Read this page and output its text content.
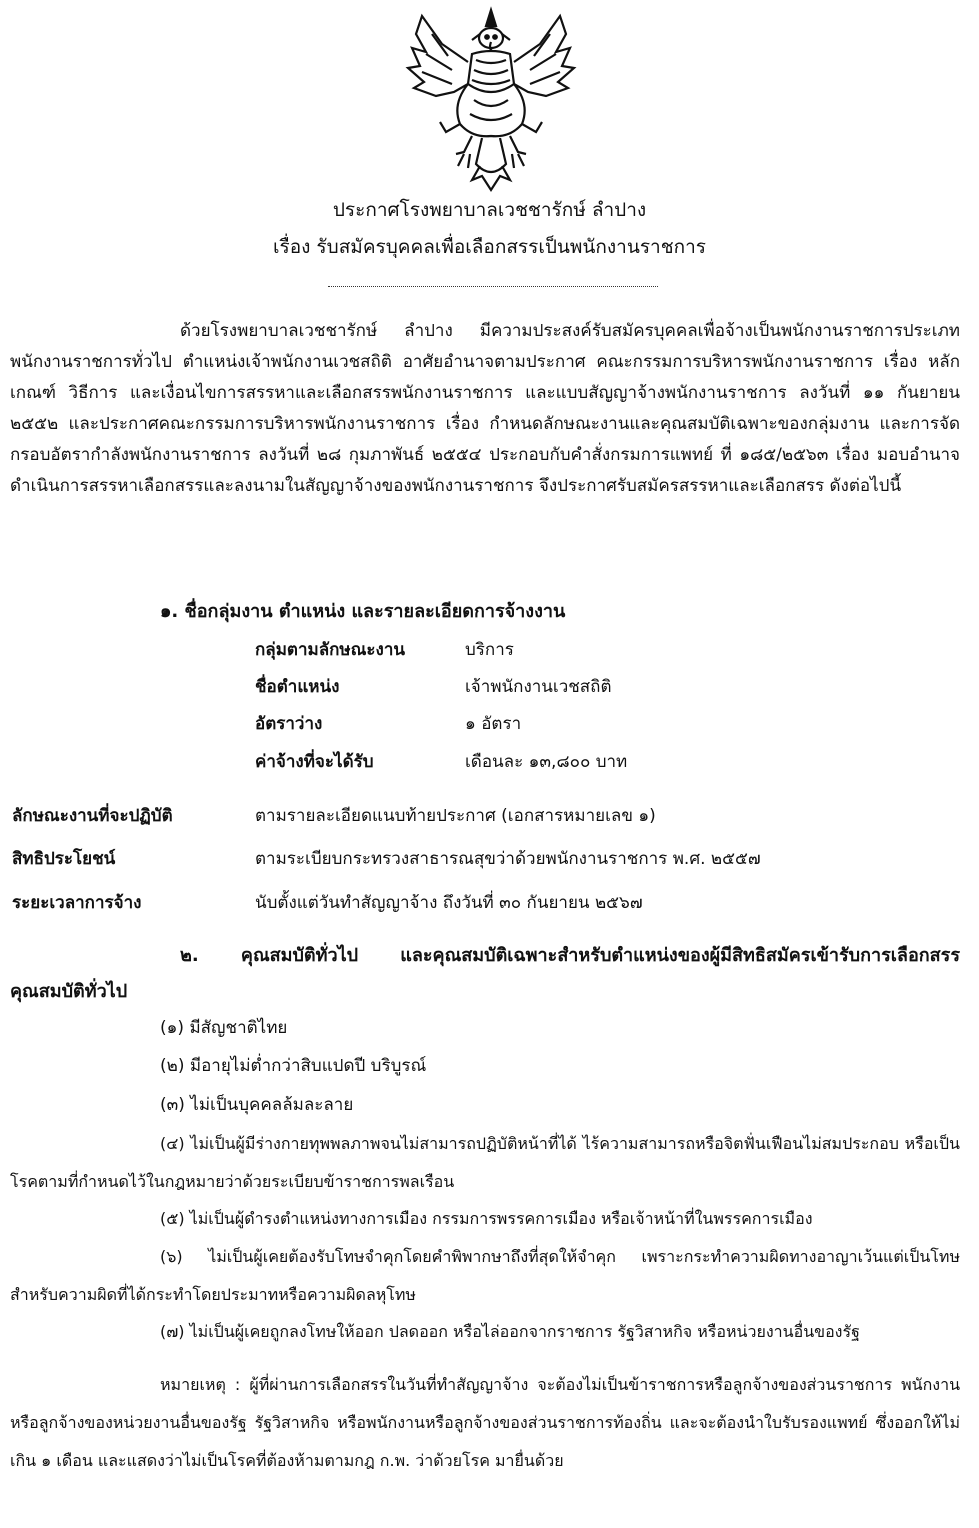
ประกาศโรงพยาบาลเวชชารักษ์ ลำปาง
เรื่อง รับสมัครบุคคลเพื่อเลือกสรรเป็นพนักงานราชการ

ด้วยโรงพยาบาลเวชชารักษ์ ลำปาง มีความประสงค์รับสมัครบุคคลเพื่อจ้างเป็นพนักงานราชการประเภทพนักงานราชการทั่วไป ตำแหน่งเจ้าพนักงานเวชสถิติ อาศัยอำนาจตามประกาศ คณะกรรมการบริหารพนักงานราชการ เรื่อง หลักเกณฑ์ วิธีการ และเงื่อนไขการสรรหาและเลือกสรรพนักงานราชการ และแบบสัญญาจ้างพนักงานราชการ ลงวันที่ ๑๑ กันยายน ๒๕๕๒ และประกาศคณะกรรมการบริหารพนักงานราชการ เรื่อง กำหนดลักษณะงานและคุณสมบัติเฉพาะของกลุ่มงาน และการจัดกรอบอัตรากำลังพนักงานราชการ ลงวันที่ ๒๘ กุมภาพันธ์ ๒๕๕๔ ประกอบกับคำสั่งกรมการแพทย์ ที่ ๑๘๕/๒๕๖๓ เรื่อง มอบอำนาจดำเนินการสรรหาเลือกสรรและลงนามในสัญญาจ้างของพนักงานราชการ จึงประกาศรับสมัครสรรหาและเลือกสรร ดังต่อไปนี้

๑. ชื่อกลุ่มงาน ตำแหน่ง และรายละเอียดการจ้างงาน
กลุ่มตามลักษณะงาน	บริการ
ชื่อตำแหน่ง	เจ้าพนักงานเวชสถิติ
อัตราว่าง	๑ อัตรา
ค่าจ้างที่จะได้รับ	เดือนละ ๑๓,๘๐๐ บาท
ลักษณะงานที่จะปฏิบัติ	ตามรายละเอียดแนบท้ายประกาศ (เอกสารหมายเลข ๑)
สิทธิประโยชน์	ตามระเบียบกระทรวงสาธารณสุขว่าด้วยพนักงานราชการ พ.ศ. ๒๕๕๗
ระยะเวลาการจ้าง	นับตั้งแต่วันทำสัญญาจ้าง ถึงวันที่ ๓๐ กันยายน ๒๕๖๗

๒. คุณสมบัติทั่วไป และคุณสมบัติเฉพาะสำหรับตำแหน่งของผู้มีสิทธิสมัครเข้ารับการเลือกสรรคุณสมบัติทั่วไป

(๑) มีสัญชาติไทย
(๒) มีอายุไม่ต่ำกว่าสิบแปดปี บริบูรณ์
(๓) ไม่เป็นบุคคลล้มละลาย

(๔) ไม่เป็นผู้มีร่างกายทุพพลภาพจนไม่สามารถปฏิบัติหน้าที่ได้ ไร้ความสามารถหรือจิตฟั่นเฟือนไม่สมประกอบ หรือเป็นโรคตามที่กำหนดไว้ในกฎหมายว่าด้วยระเบียบข้าราชการพลเรือน

(๕) ไม่เป็นผู้ดำรงตำแหน่งทางการเมือง กรรมการพรรคการเมือง หรือเจ้าหน้าที่ในพรรคการเมือง

(๖) ไม่เป็นผู้เคยต้องรับโทษจำคุกโดยคำพิพากษาถึงที่สุดให้จำคุก เพราะกระทำความผิดทางอาญาเว้นแต่เป็นโทษสำหรับความผิดที่ได้กระทำโดยประมาทหรือความผิดลหุโทษ

(๗) ไม่เป็นผู้เคยถูกลงโทษให้ออก ปลดออก หรือไล่ออกจากราชการ รัฐวิสาหกิจ หรือหน่วยงานอื่นของรัฐ

หมายเหตุ : ผู้ที่ผ่านการเลือกสรรในวันที่ทำสัญญาจ้าง จะต้องไม่เป็นข้าราชการหรือลูกจ้างของส่วนราชการ พนักงานหรือลูกจ้างของหน่วยงานอื่นของรัฐ รัฐวิสาหกิจ หรือพนักงานหรือลูกจ้างของส่วนราชการท้องถิ่น และจะต้องนำใบรับรองแพทย์ ซึ่งออกให้ไม่เกิน ๑ เดือน และแสดงว่าไม่เป็นโรคที่ต้องห้ามตามกฎ ก.พ. ว่าด้วยโรค มายื่นด้วย
